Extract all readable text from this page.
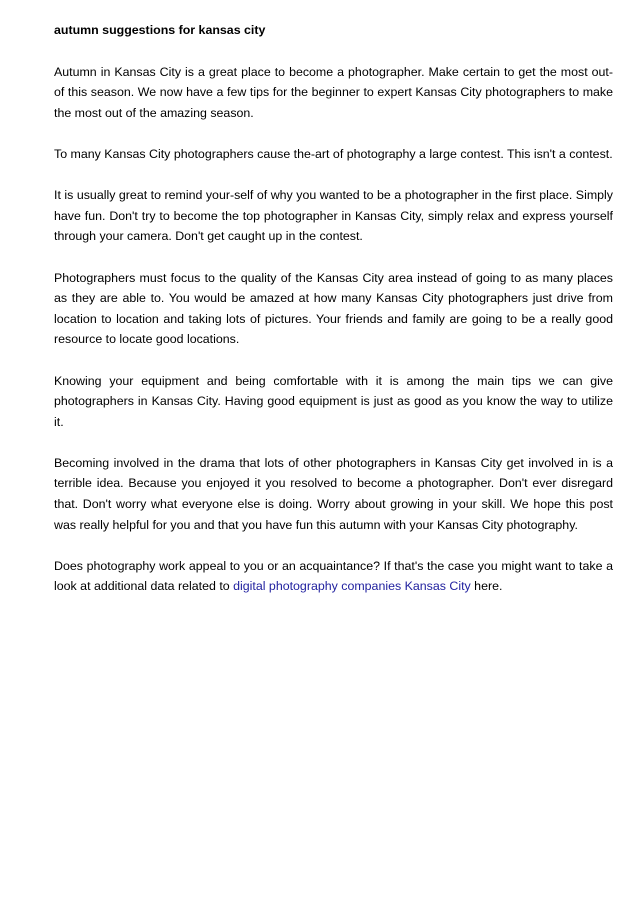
autumn suggestions for kansas city

Autumn in Kansas City is a great place to become a photographer. Make certain to get the most out-of this season. We now have a few tips for the beginner to expert Kansas City photographers to make the most out of the amazing season.

To many Kansas City photographers cause the-art of photography a large contest. This isn't a contest.

It is usually great to remind your-self of why you wanted to be a photographer in the first place. Simply have fun. Don't try to become the top photographer in Kansas City, simply relax and express yourself through your camera. Don't get caught up in the contest.

Photographers must focus to the quality of the Kansas City area instead of going to as many places as they are able to. You would be amazed at how many Kansas City photographers just drive from location to location and taking lots of pictures. Your friends and family are going to be a really good resource to locate good locations.

Knowing your equipment and being comfortable with it is among the main tips we can give photographers in Kansas City. Having good equipment is just as good as you know the way to utilize it.

Becoming involved in the drama that lots of other photographers in Kansas City get involved in is a terrible idea. Because you enjoyed it you resolved to become a photographer. Don't ever disregard that. Don't worry what everyone else is doing. Worry about growing in your skill. We hope this post was really helpful for you and that you have fun this autumn with your Kansas City photography.

Does photography work appeal to you or an acquaintance? If that's the case you might want to take a look at additional data related to digital photography companies Kansas City here.
